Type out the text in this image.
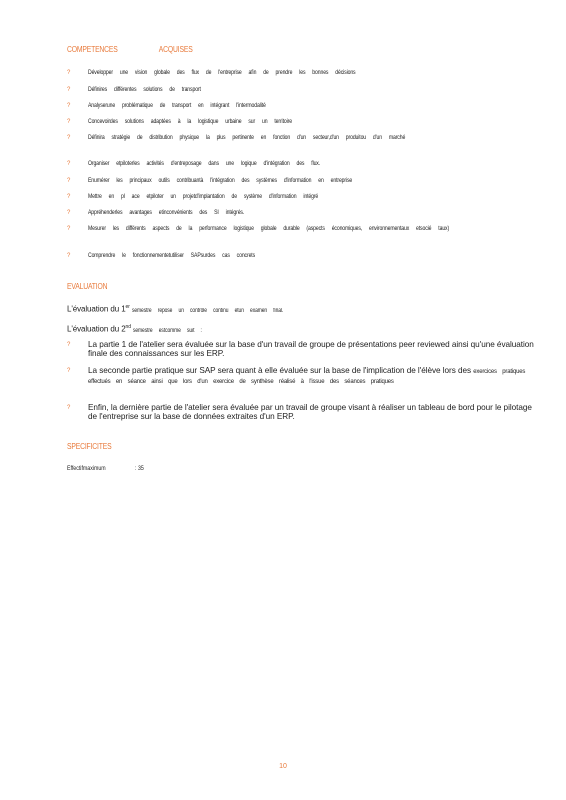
COMPETENCES	ACQUISES
?	Développer une vision globale des flux de l'entreprise afin de prendre les bonnes décisions
?	Définires différentes solutions de transport
?	Analyserune problématique de transport en intégrant l'intermodalité
?	Concevoirdes solutions adaptées à la logistique urbaine sur un territoire
?	Définira stratégie de distribution physique la plus pertinente en fonction d'un secteur,d'un produitou d'un marché
?	Organiser etpiloterles activités d'entreposage dans une logique d'intégration des flux.
?	Enumérer les principaux outils contribuantà l'intégration des systèmes d'information en entreprise
?	Mettre en pl ace etpiloter un projetd'implantation de système d'information intégré
?	Appréhenderles avantages etinconvénients des SI intégrés.
?	Mesurer les différents aspects de la performance logistique globale durable (aspects économiques, environnementaux etsocié taux)
?	Comprendre le fonctionnementetutiliser SAPsurdes cas concrets
EVALUATION
L'évaluation du 1er semestre repose un contrôle continu etun examen final.
L'évaluation du 2nd semestre estcomme suit :
?	La partie 1 de l'atelier sera évaluée sur la base d'un travail de groupe de présentations peer reviewed ainsi qu'une évaluation finale des connaissances sur les ERP.
?	La seconde partie pratique sur SAP sera quant à elle évaluée sur la base de l'implication de l'élève lors des exercices pratiques effectués en séance ainsi que lors d'un exercice de synthèse réalisé à l'issue des séances pratiques
?	Enfin, la dernière partie de l'atelier sera évaluée par un travail de groupe visant à réaliser un tableau de bord pour le pilotage de l'entreprise sur la base de données extraites d'un ERP.
SPECIFICITES
Effectifmaximum	: 35
10
